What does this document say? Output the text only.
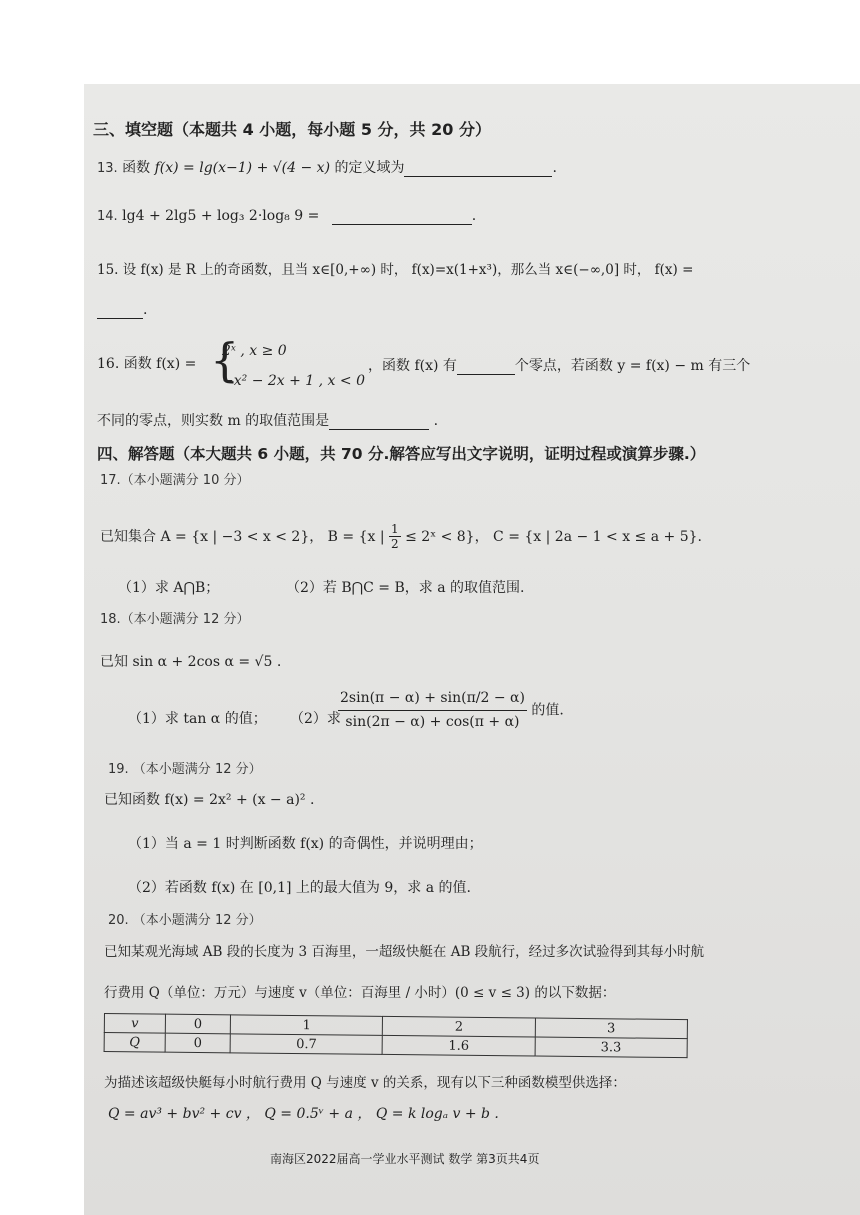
三、填空题（本题共 4 小题，每小题 5 分，共 20 分）
13. 函数 f(x) = lg(x−1) + √(4 − x) 的定义域为	.
14. lg4 + 2lg5 + log₃ 2·log₈ 9 =	.
15. 设 f(x) 是 R 上的奇函数，且当 x∈[0,+∞) 时， f(x)=x(1+x³)，那么当 x∈(−∞,0] 时， f(x) =
.
16. 函数 f(x) = {
2ˣ , x ≥ 0
−x² − 2x + 1 , x < 0
，函数 f(x) 有	个零点，若函数 y = f(x) − m 有三个
不同的零点，则实数 m 的取值范围是	.
四、解答题（本大题共 6 小题，共 70 分.解答应写出文字说明，证明过程或演算步骤.）
17.（本小题满分 10 分）
已知集合 A = {x | −3 < x < 2}， B = {x | $\frac{1}{2}$ ≤ 2ˣ < 8}， C = {x | 2a − 1 < x ≤ a + 5}.
（1）求 A⋂B；	（2）若 B⋂C = B，求 a 的取值范围.
18.（本小题满分 12 分）
已知 sin α + 2cos α = √5 .
（1）求 tan α 的值； （2）求
$\frac{2\sin(\pi - \alpha) + \sin(\pi/2 - \alpha)}{\sin(2\pi - \alpha) + \cos(\pi + \alpha)}$ 的值.
19. （本小题满分 12 分）
已知函数 f(x) = 2x² + (x − a)² .
（1）当 a = 1 时判断函数 f(x) 的奇偶性，并说明理由；
（2）若函数 f(x) 在 [0,1] 上的最大值为 9，求 a 的值.
20. （本小题满分 12 分）
已知某观光海域 AB 段的长度为 3 百海里，一超级快艇在 AB 段航行，经过多次试验得到其每小时航
行费用 Q（单位：万元）与速度 v（单位：百海里 / 小时）(0 ≤ v ≤ 3) 的以下数据：
v	0	1	2	3
Q	0	0.7	1.6	3.3
为描述该超级快艇每小时航行费用 Q 与速度 v 的关系，现有以下三种函数模型供选择：
Q = av³ + bv² + cv ， Q = 0.5ᵛ + a ， Q = k logₐ v + b .
南海区2022届高一学业水平测试 数学 第3页共4页
